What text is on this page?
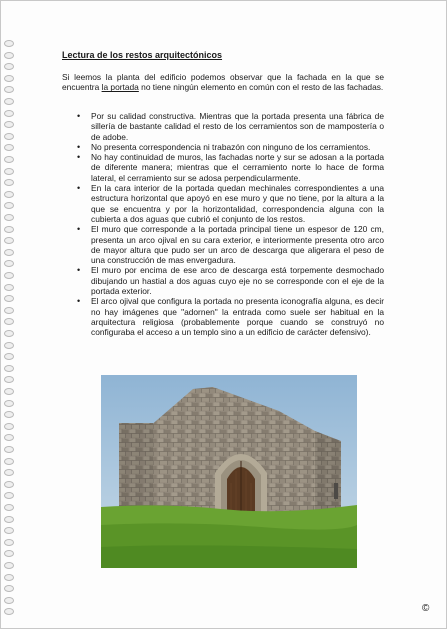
Lectura de los restos arquitectónicos

Si leemos la planta del edificio podemos observar que la fachada en la que se encuentra la portada no tiene ningún elemento en común con el resto de las fachadas.

• Por su calidad constructiva. Mientras que la portada presenta una fábrica de sillería de bastante calidad el resto de los cerramientos son de mampostería o de adobe.
• No presenta correspondencia ni trabazón con ninguno de los cerramientos.
• No hay continuidad de muros, las fachadas norte y sur se adosan a la portada de diferente manera; mientras que el cerramiento norte lo hace de forma lateral, el cerramiento sur se adosa perpendicularmente.
• En la cara interior de la portada quedan mechinales correspondientes a una estructura horizontal que apoyó en ese muro y que no tiene, por la altura a la que se encuentra y por la horizontalidad, correspondencia alguna con la cubierta a dos aguas que cubrió el conjunto de los restos.
• El muro que corresponde a la portada principal tiene un espesor de 120 cm, presenta un arco ojival en su cara exterior, e interiormente presenta otro arco de mayor altura que pudo ser un arco de descarga que aligerara el peso de una construcción de mas envergadura.
• El muro por encima de ese arco de descarga está torpemente desmochado dibujando un hastial a dos aguas cuyo eje no se corresponde con el eje de la portada exterior.
• El arco ojival que configura la portada no presenta iconografía alguna, es decir no hay imágenes que "adornen" la entrada como suele ser habitual en la arquitectura religiosa (probablemente porque cuando se construyó no configuraba el acceso a un templo sino a un edificio de carácter defensivo).
©
